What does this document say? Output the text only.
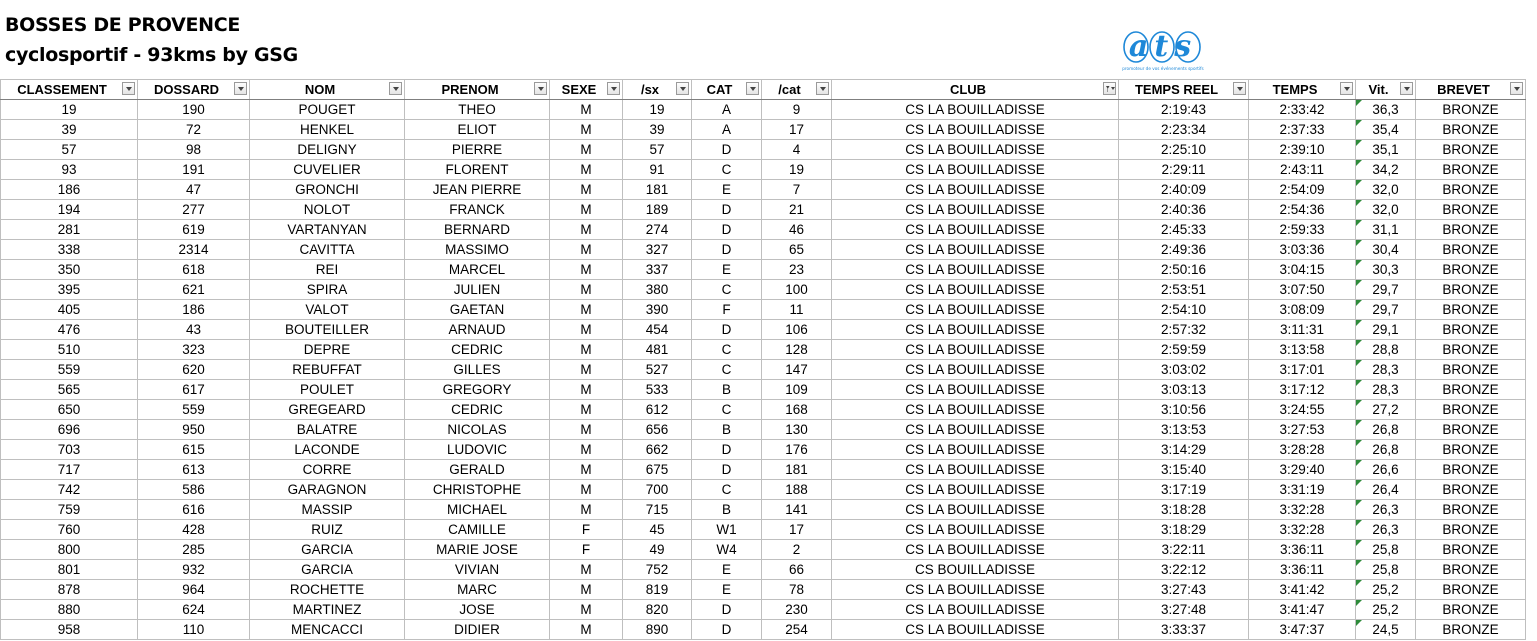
BOSSES DE PROVENCE
cyclosportif - 93kms by GSG	ats
promoteur de vos événements sportifs
CLASSEMENT	DOSSARD	NOM	PRENOM	SEXE	/sx	CAT	/cat	CLUB	TEMPS REEL	TEMPS	Vit.	BREVET

19	190	POUGET	THEO	M	19	A	9	CS LA BOUILLADISSE	2:19:43	2:33:42	36,3	BRONZE
39	72	HENKEL	ELIOT	M	39	A	17	CS LA BOUILLADISSE	2:23:34	2:37:33	35,4	BRONZE
57	98	DELIGNY	PIERRE	M	57	D	4	CS LA BOUILLADISSE	2:25:10	2:39:10	35,1	BRONZE
93	191	CUVELIER	FLORENT	M	91	C	19	CS LA BOUILLADISSE	2:29:11	2:43:11	34,2	BRONZE
186	47	GRONCHI	JEAN PIERRE	M	181	E	7	CS LA BOUILLADISSE	2:40:09	2:54:09	32,0	BRONZE
194	277	NOLOT	FRANCK	M	189	D	21	CS LA BOUILLADISSE	2:40:36	2:54:36	32,0	BRONZE
281	619	VARTANYAN	BERNARD	M	274	D	46	CS LA BOUILLADISSE	2:45:33	2:59:33	31,1	BRONZE
338	2314	CAVITTA	MASSIMO	M	327	D	65	CS LA BOUILLADISSE	2:49:36	3:03:36	30,4	BRONZE
350	618	REI	MARCEL	M	337	E	23	CS LA BOUILLADISSE	2:50:16	3:04:15	30,3	BRONZE
395	621	SPIRA	JULIEN	M	380	C	100	CS LA BOUILLADISSE	2:53:51	3:07:50	29,7	BRONZE
405	186	VALOT	GAETAN	M	390	F	11	CS LA BOUILLADISSE	2:54:10	3:08:09	29,7	BRONZE
476	43	BOUTEILLER	ARNAUD	M	454	D	106	CS LA BOUILLADISSE	2:57:32	3:11:31	29,1	BRONZE
510	323	DEPRE	CEDRIC	M	481	C	128	CS LA BOUILLADISSE	2:59:59	3:13:58	28,8	BRONZE
559	620	REBUFFAT	GILLES	M	527	C	147	CS LA BOUILLADISSE	3:03:02	3:17:01	28,3	BRONZE
565	617	POULET	GREGORY	M	533	B	109	CS LA BOUILLADISSE	3:03:13	3:17:12	28,3	BRONZE
650	559	GREGEARD	CEDRIC	M	612	C	168	CS LA BOUILLADISSE	3:10:56	3:24:55	27,2	BRONZE
696	950	BALATRE	NICOLAS	M	656	B	130	CS LA BOUILLADISSE	3:13:53	3:27:53	26,8	BRONZE
703	615	LACONDE	LUDOVIC	M	662	D	176	CS LA BOUILLADISSE	3:14:29	3:28:28	26,8	BRONZE
717	613	CORRE	GERALD	M	675	D	181	CS LA BOUILLADISSE	3:15:40	3:29:40	26,6	BRONZE
742	586	GARAGNON	CHRISTOPHE	M	700	C	188	CS LA BOUILLADISSE	3:17:19	3:31:19	26,4	BRONZE
759	616	MASSIP	MICHAEL	M	715	B	141	CS LA BOUILLADISSE	3:18:28	3:32:28	26,3	BRONZE
760	428	RUIZ	CAMILLE	F	45	W1	17	CS LA BOUILLADISSE	3:18:29	3:32:28	26,3	BRONZE
800	285	GARCIA	MARIE JOSE	F	49	W4	2	CS LA BOUILLADISSE	3:22:11	3:36:11	25,8	BRONZE
801	932	GARCIA	VIVIAN	M	752	E	66	CS BOUILLADISSE	3:22:12	3:36:11	25,8	BRONZE
878	964	ROCHETTE	MARC	M	819	E	78	CS LA BOUILLADISSE	3:27:43	3:41:42	25,2	BRONZE
880	624	MARTINEZ	JOSE	M	820	D	230	CS LA BOUILLADISSE	3:27:48	3:41:47	25,2	BRONZE
958	110	MENCACCI	DIDIER	M	890	D	254	CS LA BOUILLADISSE	3:33:37	3:47:37	24,5	BRONZE
